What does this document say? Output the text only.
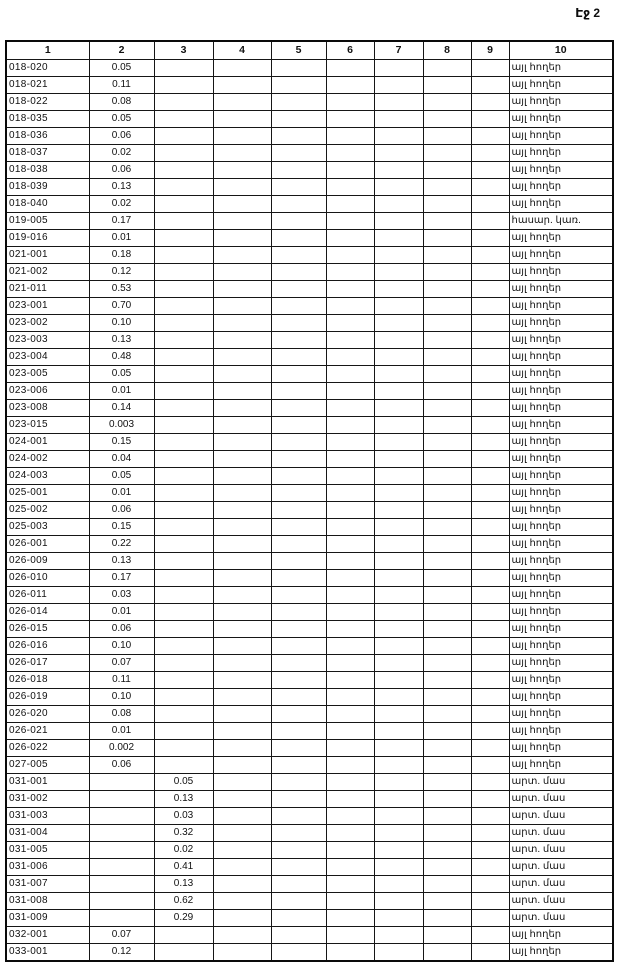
Էջ 2
1	2	3	4	5	6	7	8	9	10
018-020	0.05								այլ հողեր
018-021	0.11								այլ հողեր
018-022	0.08								այլ հողեր
018-035	0.05								այլ հողեր
018-036	0.06								այլ հողեր
018-037	0.02								այլ հողեր
018-038	0.06								այլ հողեր
018-039	0.13								այլ հողեր
018-040	0.02								այլ հողեր
019-005	0.17								հասար. կառ.
019-016	0.01								այլ հողեր
021-001	0.18								այլ հողեր
021-002	0.12								այլ հողեր
021-011	0.53								այլ հողեր
023-001	0.70								այլ հողեր
023-002	0.10								այլ հողեր
023-003	0.13								այլ հողեր
023-004	0.48								այլ հողեր
023-005	0.05								այլ հողեր
023-006	0.01								այլ հողեր
023-008	0.14								այլ հողեր
023-015	0.003								այլ հողեր
024-001	0.15								այլ հողեր
024-002	0.04								այլ հողեր
024-003	0.05								այլ հողեր
025-001	0.01								այլ հողեր
025-002	0.06								այլ հողեր
025-003	0.15								այլ հողեր
026-001	0.22								այլ հողեր
026-009	0.13								այլ հողեր
026-010	0.17								այլ հողեր
026-011	0.03								այլ հողեր
026-014	0.01								այլ հողեր
026-015	0.06								այլ հողեր
026-016	0.10								այլ հողեր
026-017	0.07								այլ հողեր
026-018	0.11								այլ հողեր
026-019	0.10								այլ հողեր
026-020	0.08								այլ հողեր
026-021	0.01								այլ հողեր
026-022	0.002								այլ հողեր
027-005	0.06								այլ հողեր
031-001		0.05							արտ. մաս
031-002		0.13							արտ. մաս
031-003		0.03							արտ. մաս
031-004		0.32							արտ. մաս
031-005		0.02							արտ. մաս
031-006		0.41							արտ. մաս
031-007		0.13							արտ. մաս
031-008		0.62							արտ. մաս
031-009		0.29							արտ. մաս
032-001	0.07								այլ հողեր
033-001	0.12								այլ հողեր
